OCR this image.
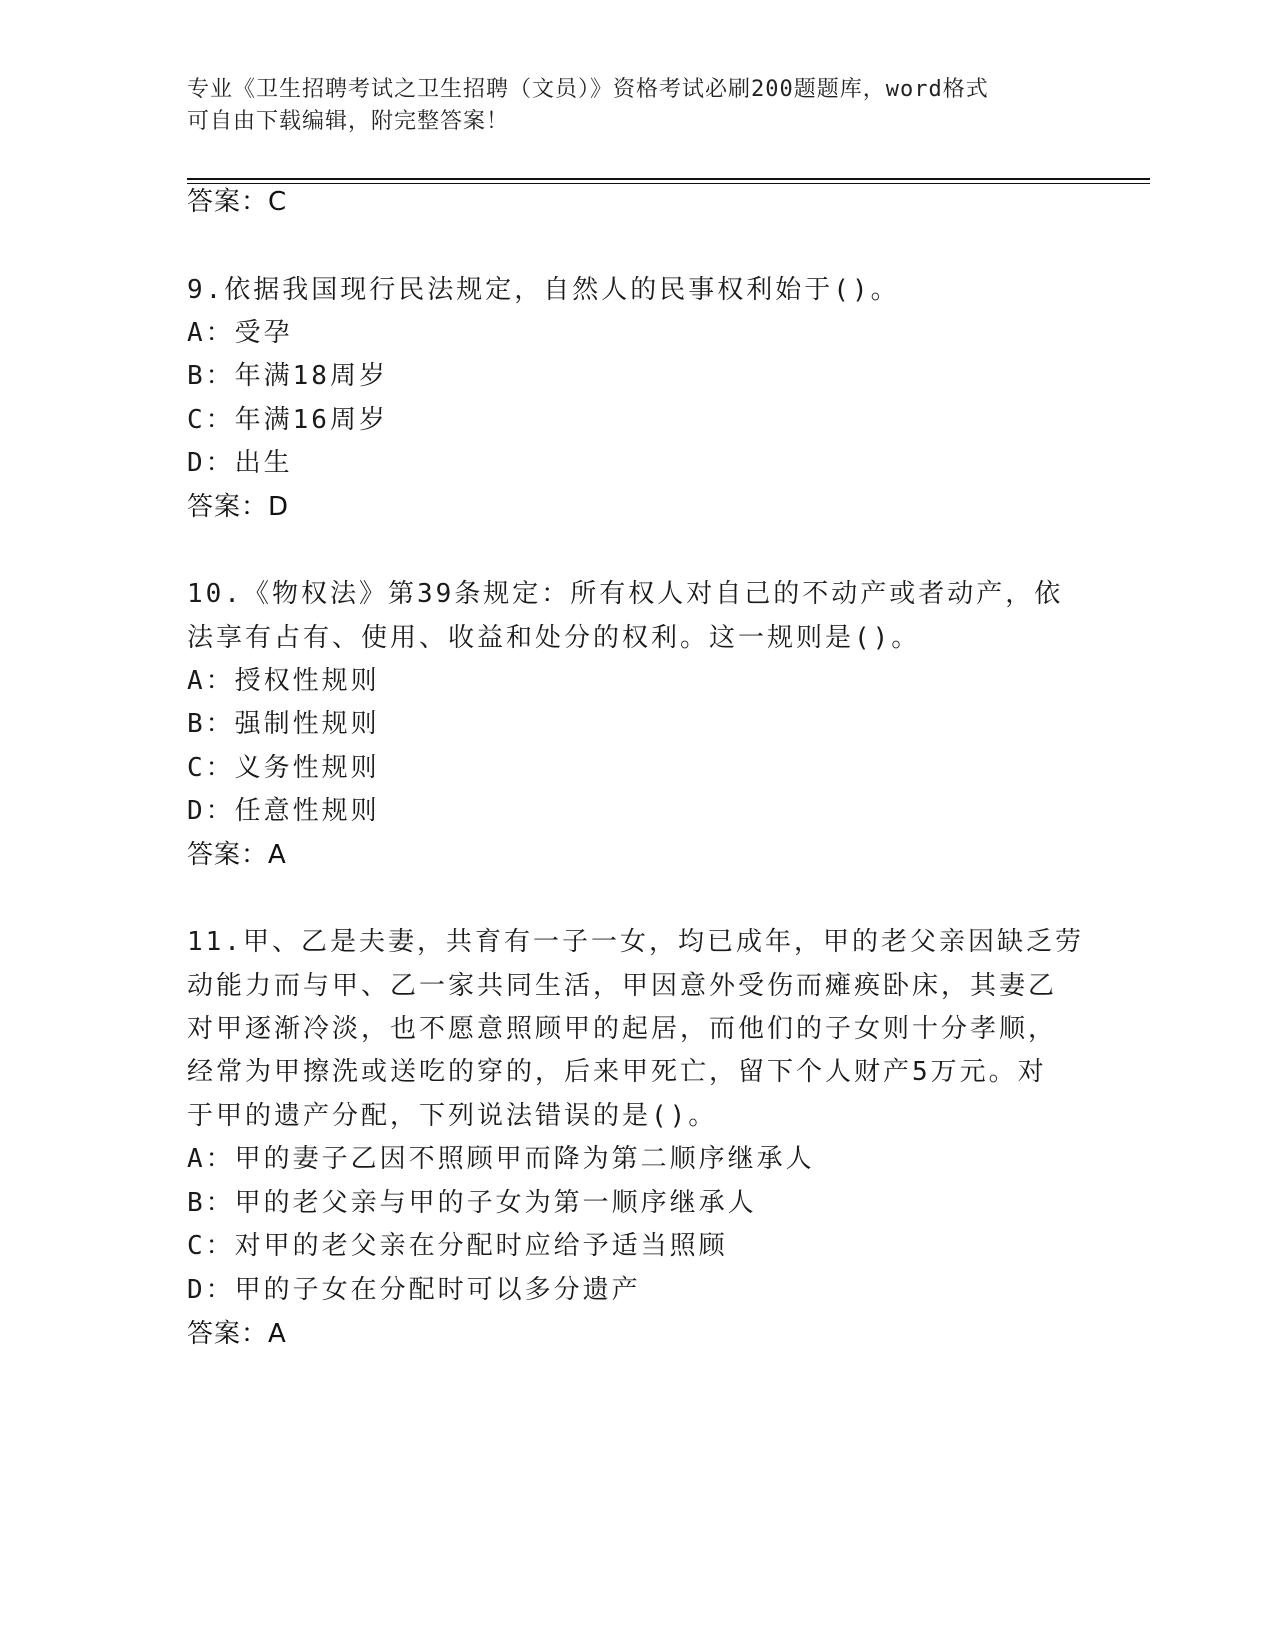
专业《卫生招聘考试之卫生招聘（文员）》资格考试必刷200题题库，word格式
可自由下载编辑，附完整答案！
答案：C
9.依据我国现行民法规定，自然人的民事权利始于()。
A：受孕
B：年满18周岁
C：年满16周岁
D：出生
答案：D
10.《物权法》第39条规定：所有权人对自己的不动产或者动产，依
法享有占有、使用、收益和处分的权利。这一规则是()。
A：授权性规则
B：强制性规则
C：义务性规则
D：任意性规则
答案：A
11.甲、乙是夫妻，共育有一子一女，均已成年，甲的老父亲因缺乏劳
动能力而与甲、乙一家共同生活，甲因意外受伤而瘫痪卧床，其妻乙
对甲逐渐冷淡，也不愿意照顾甲的起居，而他们的子女则十分孝顺，
经常为甲擦洗或送吃的穿的，后来甲死亡，留下个人财产5万元。对
于甲的遗产分配，下列说法错误的是()。
A：甲的妻子乙因不照顾甲而降为第二顺序继承人
B：甲的老父亲与甲的子女为第一顺序继承人
C：对甲的老父亲在分配时应给予适当照顾
D：甲的子女在分配时可以多分遗产
答案：A
